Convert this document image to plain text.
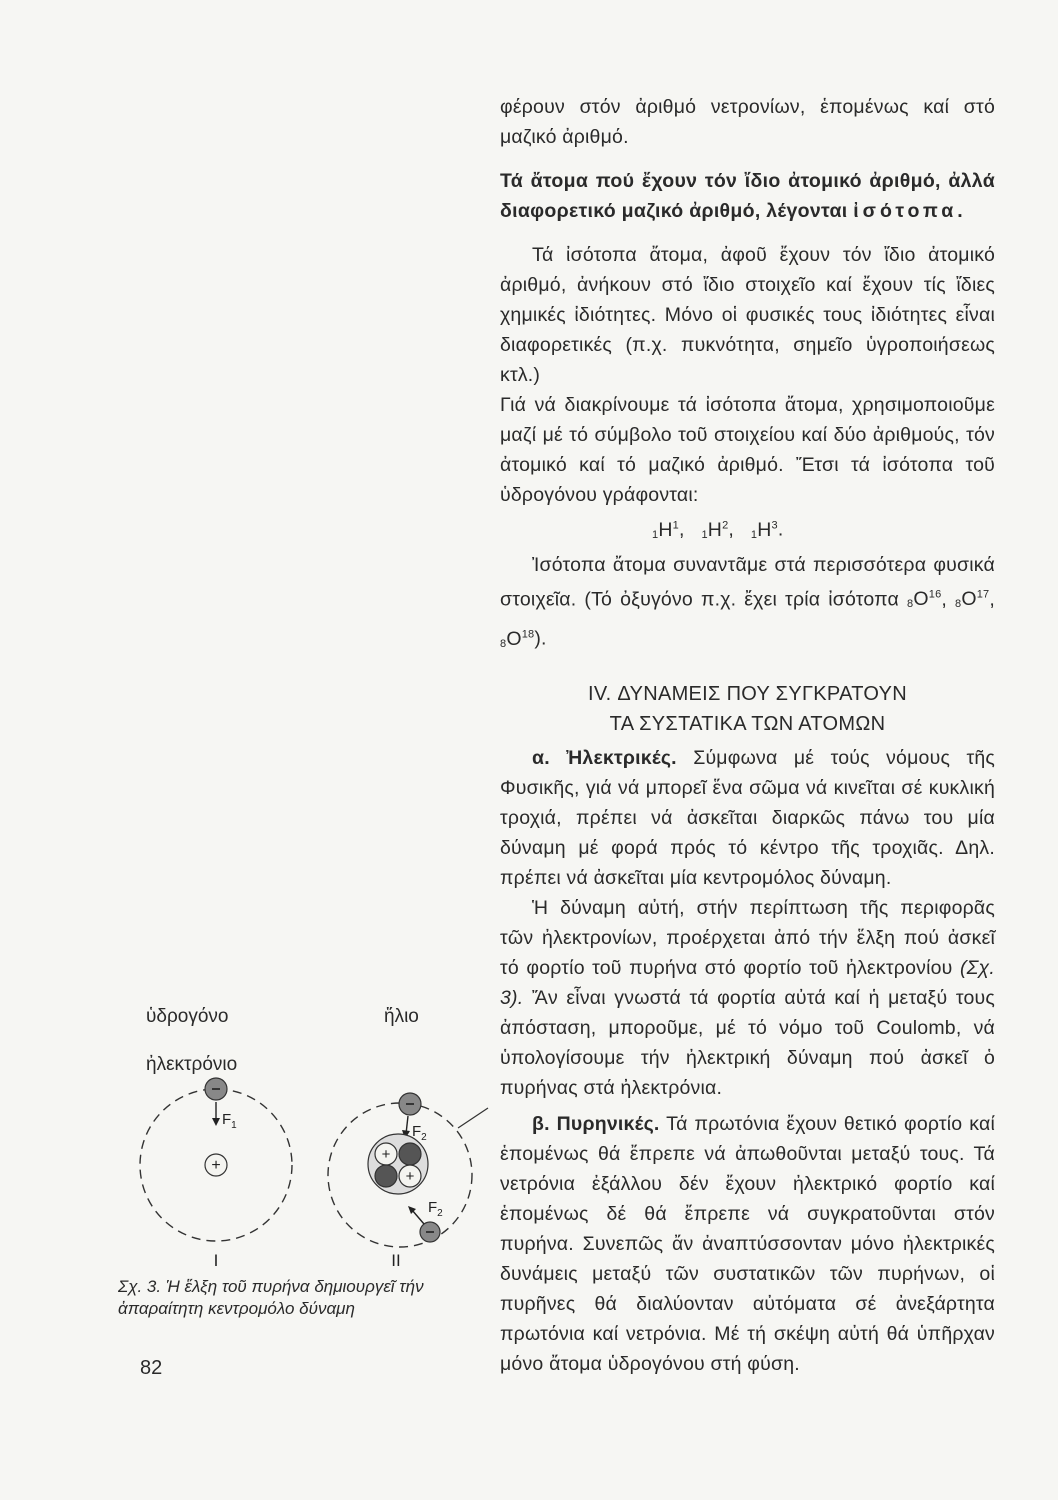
φέρουν στόν ἀριθμό νετρονίων, ἑπομένως καί στό μαζικό ἀριθμό.

Τά ἄτομα πού ἔχουν τόν ἴδιο ἀτομικό ἀριθμό, ἀλλά διαφορετικό μαζικό ἀριθμό, λέγονται ἰσότοπα.

Τά ἰσότοπα ἄτομα, ἀφοῦ ἔχουν τόν ἴδιο ἀτομικό ἀριθμό, ἀνήκουν στό ἴδιο στοιχεῖο καί ἔχουν τίς ἴδιες χημικές ἰδιότητες. Μόνο οἱ φυσικές τους ἰδιότητες εἶναι διαφορετικές (π.χ. πυκνότητα, σημεῖο ὑγροποιήσεως κτλ.)

Γιά νά διακρίνουμε τά ἰσότοπα ἄτομα, χρησιμοποιοῦμε μαζί μέ τό σύμβολο τοῦ στοιχείου καί δύο ἀριθμούς, τόν ἀτομικό καί τό μαζικό ἀριθμό. Ἔτσι τά ἰσότοπα τοῦ ὑδρογόνου γράφονται:

$1H^1$,   $1H^2$,   $1H^3$.

Ἰσότοπα ἄτομα συναντᾶμε στά περισσότερα φυσικά στοιχεῖα. (Τό ὀξυγόνο π.χ. ἔχει τρία ἰσότοπα $8O^{16}$, $8O^{17}$, $8O^{18}$).

IV. ΔΥΝΑΜΕΙΣ ΠΟΥ ΣΥΓΚΡΑΤΟΥΝ
ΤΑ ΣΥΣΤΑΤΙΚΑ ΤΩΝ ΑΤΟΜΩΝ

α. Ἠλεκτρικές. Σύμφωνα μέ τούς νόμους τῆς Φυσικῆς, γιά νά μπορεῖ ἕνα σῶμα νά κινεῖται σέ κυκλική τροχιά, πρέπει νά ἀσκεῖται διαρκῶς πάνω του μία δύναμη μέ φορά πρός τό κέντρο τῆς τροχιᾶς. Δηλ. πρέπει νά ἀσκεῖται μία κεντρομόλος δύναμη.

Ἡ δύναμη αὐτή, στήν περίπτωση τῆς περιφορᾶς τῶν ἠλεκτρονίων, προέρχεται ἀπό τήν ἕλξη πού ἀσκεῖ τό φορτίο τοῦ πυρήνα στό φορτίο τοῦ ἠλεκτρονίου (Σχ. 3). Ἄν εἶναι γνωστά τά φορτία αὐτά καί ἡ μεταξύ τους ἀπόσταση, μποροῦμε, μέ τό νόμο τοῦ Coulomb, νά ὑπολογίσουμε τήν ἠλεκτρική δύναμη πού ἀσκεῖ ὁ πυρήνας στά ἠλεκτρόνια.

β. Πυρηνικές. Τά πρωτόνια ἔχουν θετικό φορτίο καί ἑπομένως θά ἔπρεπε νά ἀπωθοῦνται μεταξύ τους. Τά νετρόνια ἐξάλλου δέν ἔχουν ἠλεκτρικό φορτίο καί ἑπομένως δέ θά ἔπρεπε νά συγκρατοῦνται στόν πυρήνα. Συνεπῶς ἄν ἀναπτύσσονταν μόνο ἠλεκτρικές δυνάμεις μεταξύ τῶν συστατικῶν τῶν πυρήνων, οἱ πυρῆνες θά διαλύονταν αὐτόματα σέ ἀνεξάρτητα πρωτόνια καί νετρόνια. Μέ τή σκέψη αὐτή θά ὑπῆρχαν μόνο ἄτομα ὑδρογόνου στή φύση.

ὑδρογόνο	ἥλιο
ἠλεκτρόνιο
$F_1$
+
$F_2$
+
+
$F_2$
I	II
Σχ. 3. Ἡ ἕλξη τοῦ πυρήνα δημιουργεῖ τήν ἀπαραίτητη κεντρομόλο δύναμη
82
